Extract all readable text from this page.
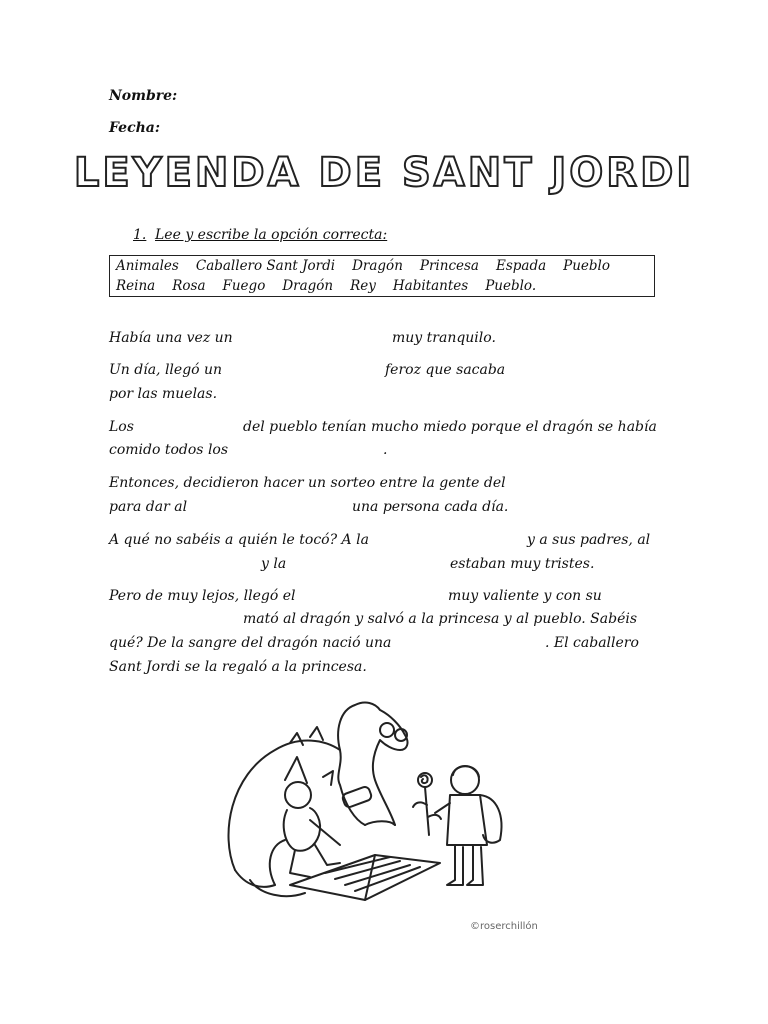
Nombre:
Fecha:
LEYENDA DE SANT JORDI
1. Lee y escribe la opción correcta:
Animales Caballero Sant Jordi Dragón Princesa Espada Pueblo
Reina Rosa Fuego Dragón Rey Habitantes Pueblo.
Había una vez un	muy tranquilo.
Un día, llegó un	feroz que sacaba
por las muelas.
Los	del pueblo tenían mucho miedo porque el dragón se había
comido todos los	.
Entonces, decidieron hacer un sorteo entre la gente del
para dar al	una persona cada día.
A qué no sabéis a quién le tocó? A la	y a sus padres, al
y la	estaban muy tristes.
Pero de muy lejos, llegó el	muy valiente y con su
mató al dragón y salvó a la princesa y al pueblo. Sabéis
qué? De la sangre del dragón nació una	. El caballero
Sant Jordi se la regaló a la princesa.
©roserchillón
